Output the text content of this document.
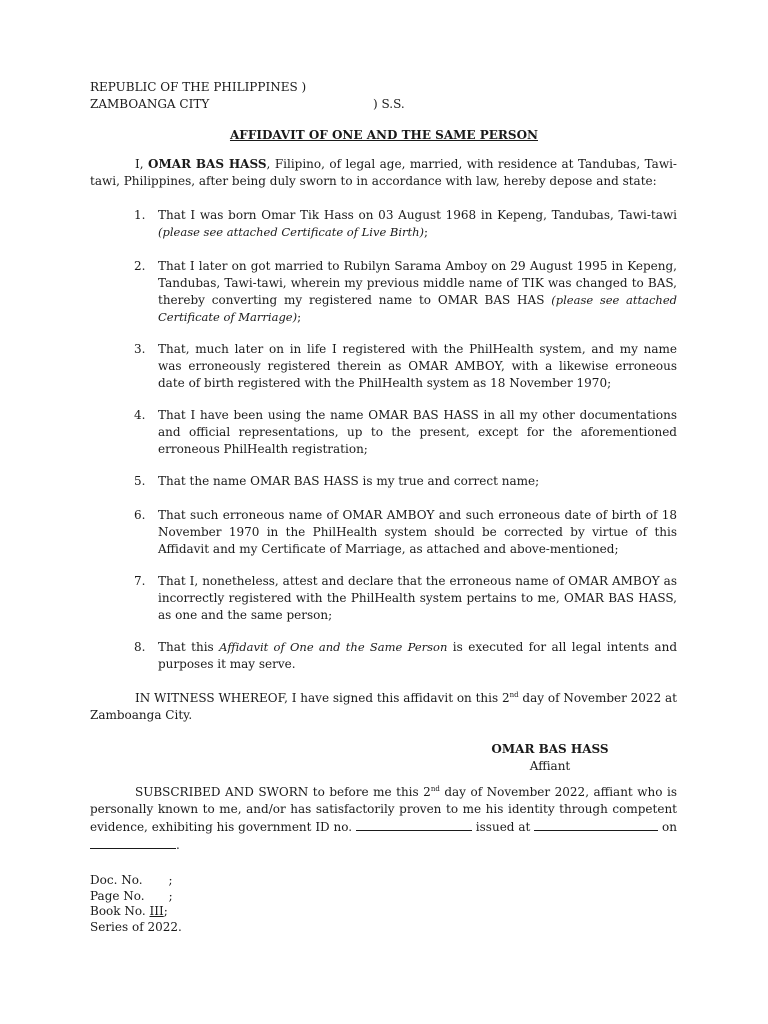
REPUBLIC OF THE PHILIPPINES )
ZAMBOANGA CITY	) S.S.
AFFIDAVIT OF ONE AND THE SAME PERSON
I, OMAR BAS HASS, Filipino, of legal age, married, with residence at Tandubas, Tawi-tawi, Philippines, after being duly sworn to in accordance with law, hereby depose and state:
1.	That I was born Omar Tik Hass on 03 August 1968 in Kepeng, Tandubas, Tawi-tawi (please see attached Certificate of Live Birth);
2.	That I later on got married to Rubilyn Sarama Amboy on 29 August 1995 in Kepeng, Tandubas, Tawi-tawi, wherein my previous middle name of TIK was changed to BAS, thereby converting my registered name to OMAR BAS HAS (please see attached Certificate of Marriage);
3.	That, much later on in life I registered with the PhilHealth system, and my name was erroneously registered therein as OMAR AMBOY, with a likewise erroneous date of birth registered with the PhilHealth system as 18 November 1970;
4.	That I have been using the name OMAR BAS HASS in all my other documentations and official representations, up to the present, except for the aforementioned erroneous PhilHealth registration;
5.	That the name OMAR BAS HASS is my true and correct name;
6.	That such erroneous name of OMAR AMBOY and such erroneous date of birth of 18 November 1970 in the PhilHealth system should be corrected by virtue of this Affidavit and my Certificate of Marriage, as attached and above-mentioned;
7.	That I, nonetheless, attest and declare that the erroneous name of OMAR AMBOY as incorrectly registered with the PhilHealth system pertains to me, OMAR BAS HASS, as one and the same person;
8.	That this Affidavit of One and the Same Person is executed for all legal intents and purposes it may serve.
IN WITNESS WHEREOF, I have signed this affidavit on this 2nd day of November 2022 at Zamboanga City.
OMAR BAS HASS
Affiant
SUBSCRIBED AND SWORN to before me this 2nd day of November 2022, affiant who is personally known to me, and/or has satisfactorily proven to me his identity through competent evidence, exhibiting his government ID no.	issued at	on .
Doc. No. ;
Page No. ;
Book No. III;
Series of 2022.
